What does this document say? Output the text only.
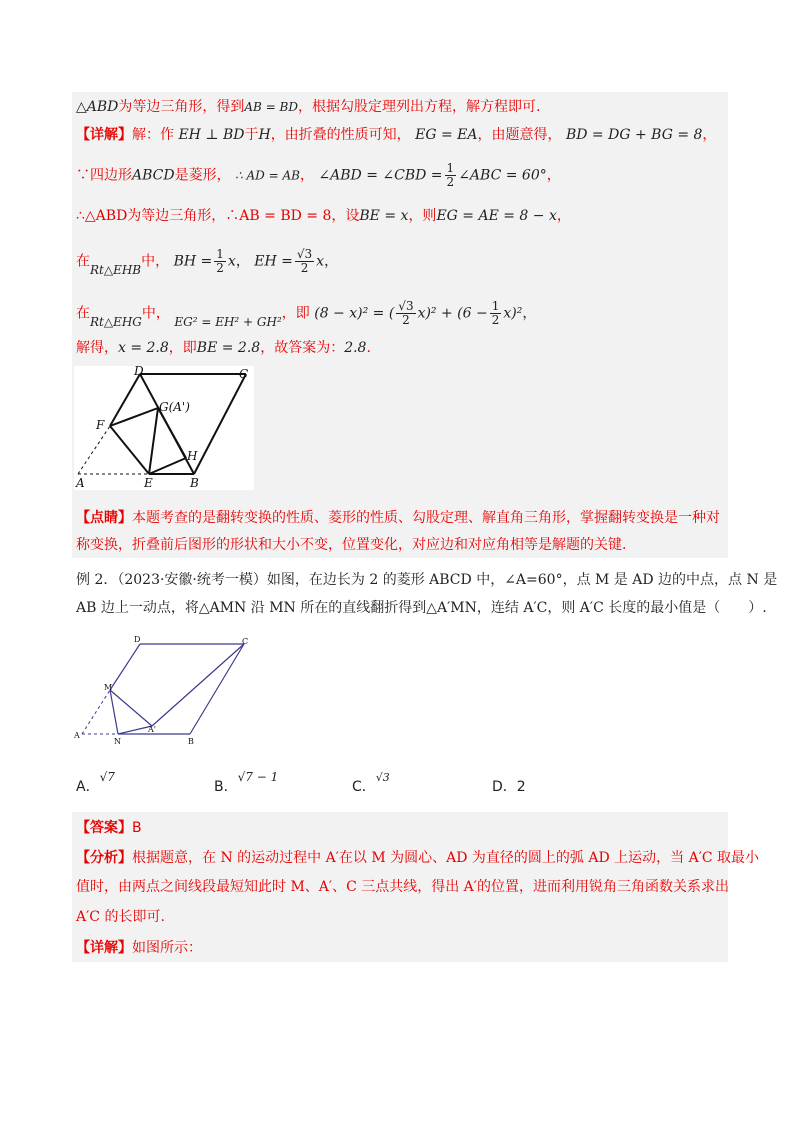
△ABD为等边三角形，得到AB = BD，根据勾股定理列出方程，解方程即可.
【详解】解：作 EH ⊥ BD于H，由折叠的性质可知， EG = EA，由题意得， BD = DG + BG = 8，
∵四边形ABCD是菱形， ∴ AD = AB， ∠ABD = ∠CBD = $\frac{1}{2}$ ∠ABC = 60°，
∴△ABD为等边三角形，∴AB = BD = 8，设BE = x，则EG = AE = 8 − x，
在Rt△EHB中， BH = $\frac{1}{2}$ x， EH = $\frac{√3}{2}$ x，
在Rt△EHG中， EG² = EH² + GH²，即 (8 − x)² = ( $\frac{√3}{2} x)^2 + (6 - \frac{1}{2} x)^2$，
解得，x = 2.8，即BE = 2.8，故答案为：2.8.
D	C
G(A')
F
H
A	E	B
【点睛】本题考查的是翻转变换的性质、菱形的性质、勾股定理、解直角三角形，掌握翻转变换是一种对
称变换，折叠前后图形的形状和大小不变，位置变化，对应边和对应角相等是解题的关键.
例 2．（2023·安徽·统考一模）如图，在边长为 2 的菱形 ABCD 中，∠A=60°，点 M 是 AD 边的中点，点 N 是
AB 边上一动点，将△AMN 沿 MN 所在的直线翻折得到△A′MN，连结 A′C，则 A′C 长度的最小值是（　　）.
D	C
M
A
N	B
A'
A．√7
B．√7 − 1
C．$^{√3}$
D．2
【答案】B
【分析】根据题意，在 N 的运动过程中 A′在以 M 为圆心、AD 为直径的圆上的弧 AD 上运动，当 A′C 取最小
值时，由两点之间线段最短知此时 M、A′、C 三点共线，得出 A′的位置，进而利用锐角三角函数关系求出
A′C 的长即可.
【详解】如图所示：
